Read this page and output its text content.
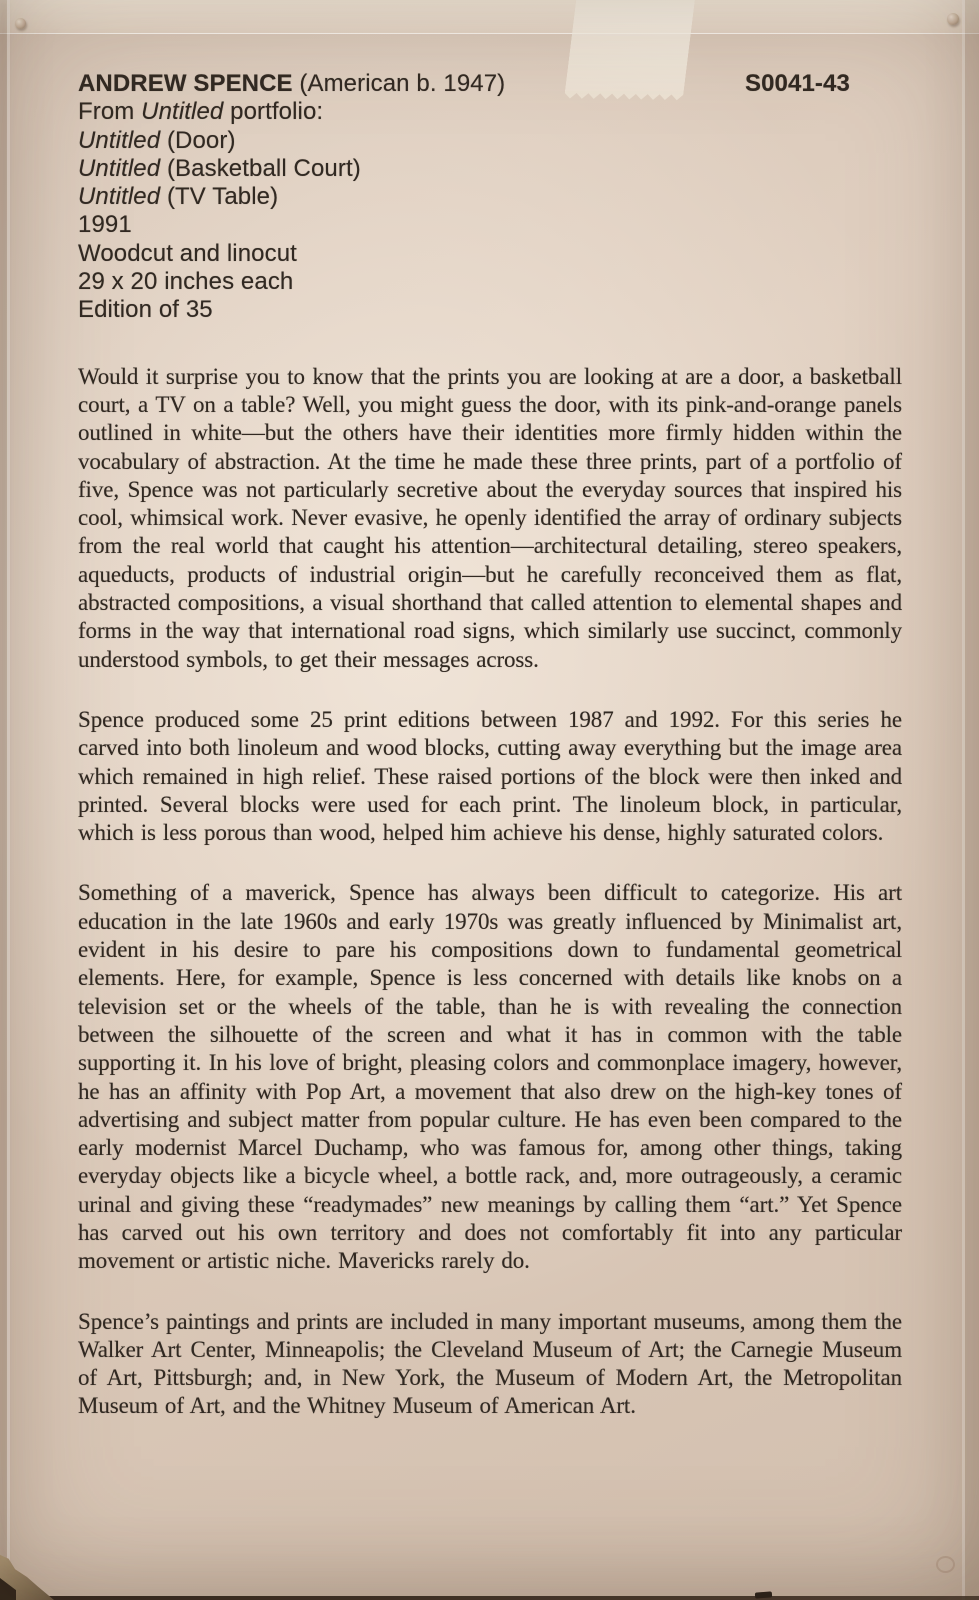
ANDREW SPENCE (American b. 1947)	S0041-43
From Untitled portfolio:
Untitled (Door)
Untitled (Basketball Court)
Untitled (TV Table)
1991
Woodcut and linocut
29 x 20 inches each
Edition of 35

Would it surprise you to know that the prints you are looking at are a door, a basketball court, a TV on a table? Well, you might guess the door, with its pink-and-orange panels outlined in white—but the others have their identities more firmly hidden within the vocabulary of abstraction. At the time he made these three prints, part of a portfolio of five, Spence was not particularly secretive about the everyday sources that inspired his cool, whimsical work. Never evasive, he openly identified the array of ordinary subjects from the real world that caught his attention—architectural detailing, stereo speakers, aqueducts, products of industrial origin—but he carefully reconceived them as flat, abstracted compositions, a visual shorthand that called attention to elemental shapes and forms in the way that international road signs, which similarly use succinct, commonly understood symbols, to get their messages across.

Spence produced some 25 print editions between 1987 and 1992. For this series he carved into both linoleum and wood blocks, cutting away everything but the image area which remained in high relief. These raised portions of the block were then inked and printed. Several blocks were used for each print. The linoleum block, in particular, which is less porous than wood, helped him achieve his dense, highly saturated colors.

Something of a maverick, Spence has always been difficult to categorize. His art education in the late 1960s and early 1970s was greatly influenced by Minimalist art, evident in his desire to pare his compositions down to fundamental geometrical elements. Here, for example, Spence is less concerned with details like knobs on a television set or the wheels of the table, than he is with revealing the connection between the silhouette of the screen and what it has in common with the table supporting it. In his love of bright, pleasing colors and commonplace imagery, however, he has an affinity with Pop Art, a movement that also drew on the high-key tones of advertising and subject matter from popular culture. He has even been compared to the early modernist Marcel Duchamp, who was famous for, among other things, taking everyday objects like a bicycle wheel, a bottle rack, and, more outrageously, a ceramic urinal and giving these “readymades” new meanings by calling them “art.” Yet Spence has carved out his own territory and does not comfortably fit into any particular movement or artistic niche. Mavericks rarely do.

Spence’s paintings and prints are included in many important museums, among them the Walker Art Center, Minneapolis; the Cleveland Museum of Art; the Carnegie Museum of Art, Pittsburgh; and, in New York, the Museum of Modern Art, the Metropolitan Museum of Art, and the Whitney Museum of American Art.
